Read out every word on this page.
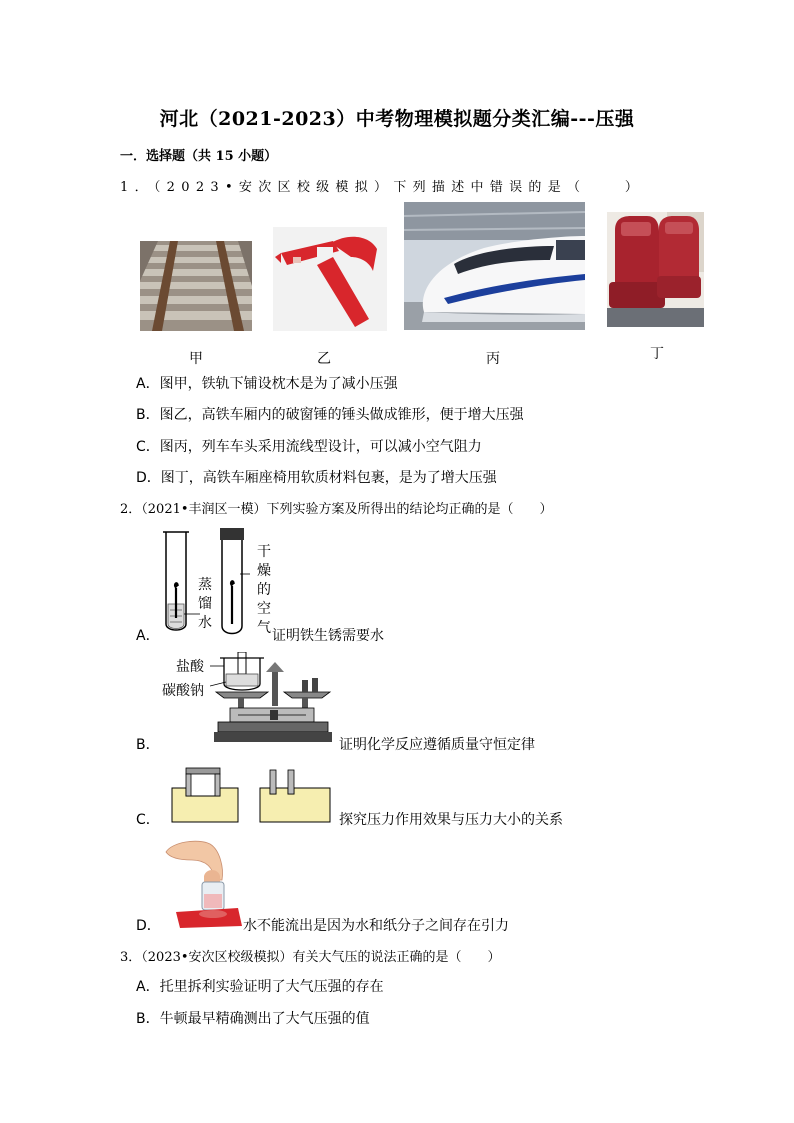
河北（2021-2023）中考物理模拟题分类汇编---压强
一．选择题（共 15 小题）
1．（2023•安次区校级模拟）下列描述中错误的是（　　）
甲	乙	丙	丁
A．图甲，铁轨下铺设枕木是为了减小压强
B．图乙，高铁车厢内的破窗锤的锤头做成锥形，便于增大压强
C．图丙，列车车头采用流线型设计，可以减小空气阻力
D．图丁，高铁车厢座椅用软质材料包裹，是为了增大压强
2．（2021•丰润区一模）下列实验方案及所得出的结论均正确的是（　　）
A．
蒸馏水
干燥的空气 证明铁生锈需要水
B．
盐酸
碳酸钠
证明化学反应遵循质量守恒定律
C．	探究压力作用效果与压力大小的关系
D．	水不能流出是因为水和纸分子之间存在引力
3．（2023•安次区校级模拟）有关大气压的说法正确的是（　　）
A．托里拆利实验证明了大气压强的存在
B．牛顿最早精确测出了大气压强的值
